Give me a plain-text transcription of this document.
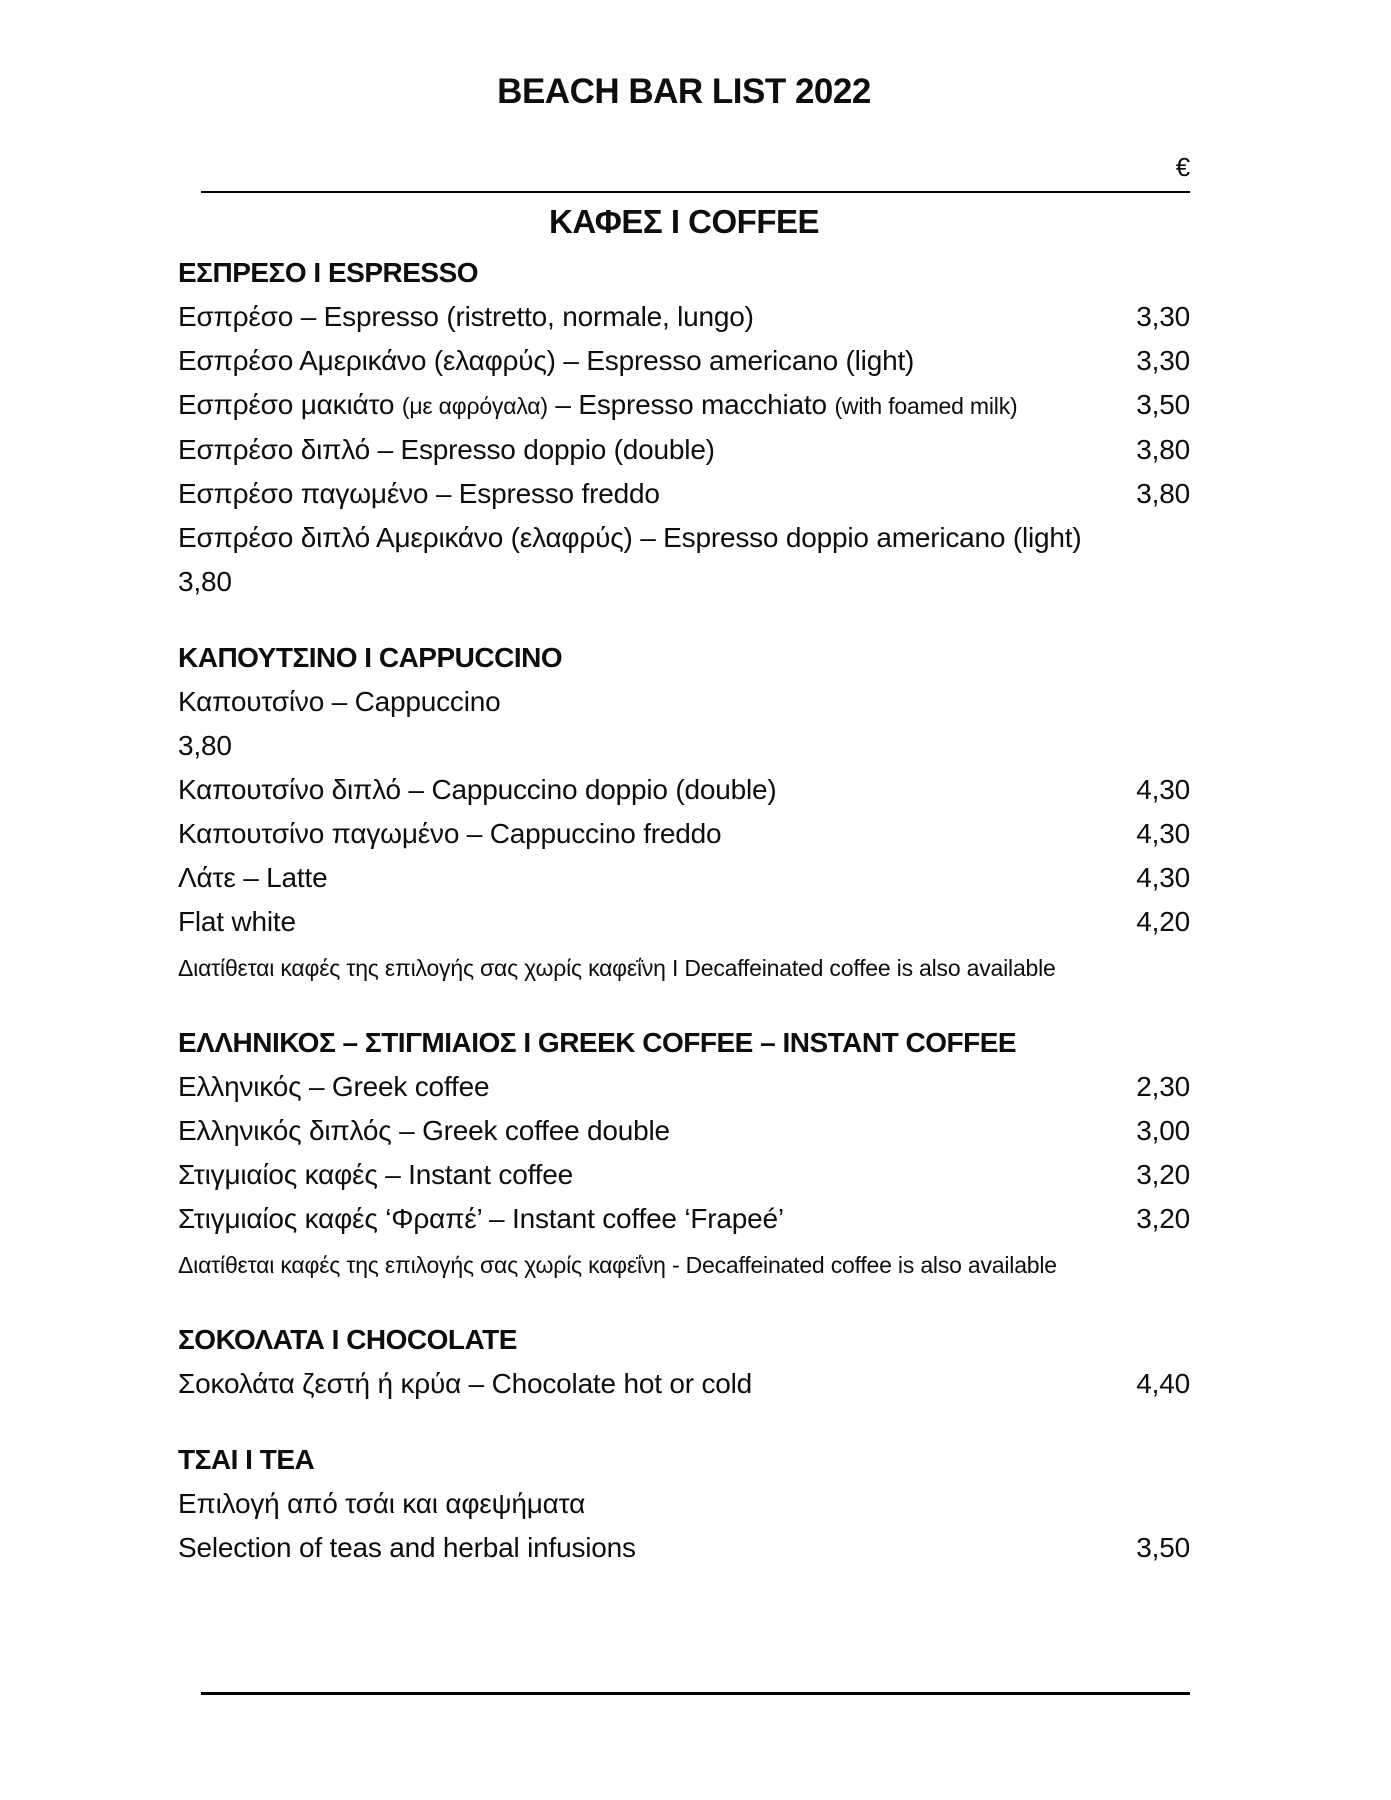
BEACH BAR LIST 2022
€
ΚΑΦΕΣ Ι COFFEE
ΕΣΠΡΕΣΟ Ι ESPRESSO
Εσπρέσο – Espresso (ristretto, normale, lungo)	3,30
Εσπρέσο Αμερικάνο (ελαφρύς) – Espresso americano (light)	3,30
Εσπρέσο μακιάτο (με αφρόγαλα) – Espresso macchiato (with foamed milk)	3,50
Εσπρέσο διπλό – Espresso doppio (double)	3,80
Εσπρέσο παγωμένο – Espresso freddo	3,80
Εσπρέσο διπλό Αμερικάνο (ελαφρύς) – Espresso doppio americano (light)
3,80
ΚΑΠΟΥΤΣΙΝΟ Ι CAPPUCCINO
Καπουτσίνο – Cappuccino
3,80
Καπουτσίνο διπλό – Cappuccino doppio (double)	4,30
Καπουτσίνο παγωμένο – Cappuccino freddo	4,30
Λάτε – Latte	4,30
Flat white	4,20
Διατίθεται καφές της επιλογής σας χωρίς καφεΐνη Ι Decaffeinated coffee is also available
ΕΛΛΗΝΙΚΟΣ – ΣΤΙΓΜΙΑΙΟΣ Ι GREEK COFFEE – INSTANT COFFEE
Ελληνικός – Greek coffee	2,30
Ελληνικός διπλός – Greek coffee double	3,00
Στιγμιαίος καφές – Instant coffee	3,20
Στιγμιαίος καφές ‘Φραπέ’ – Instant coffee ‘Frapeé’	3,20
Διατίθεται καφές της επιλογής σας χωρίς καφεΐνη - Decaffeinated coffee is also available
ΣΟΚΟΛΑΤΑ Ι CHOCOLATE
Σοκολάτα ζεστή ή κρύα – Chocolate hot or cold	4,40
ΤΣΑΙ Ι ΤΕΑ
Επιλογή από τσάι και αφεψήματα
Selection of teas and herbal infusions	3,50
